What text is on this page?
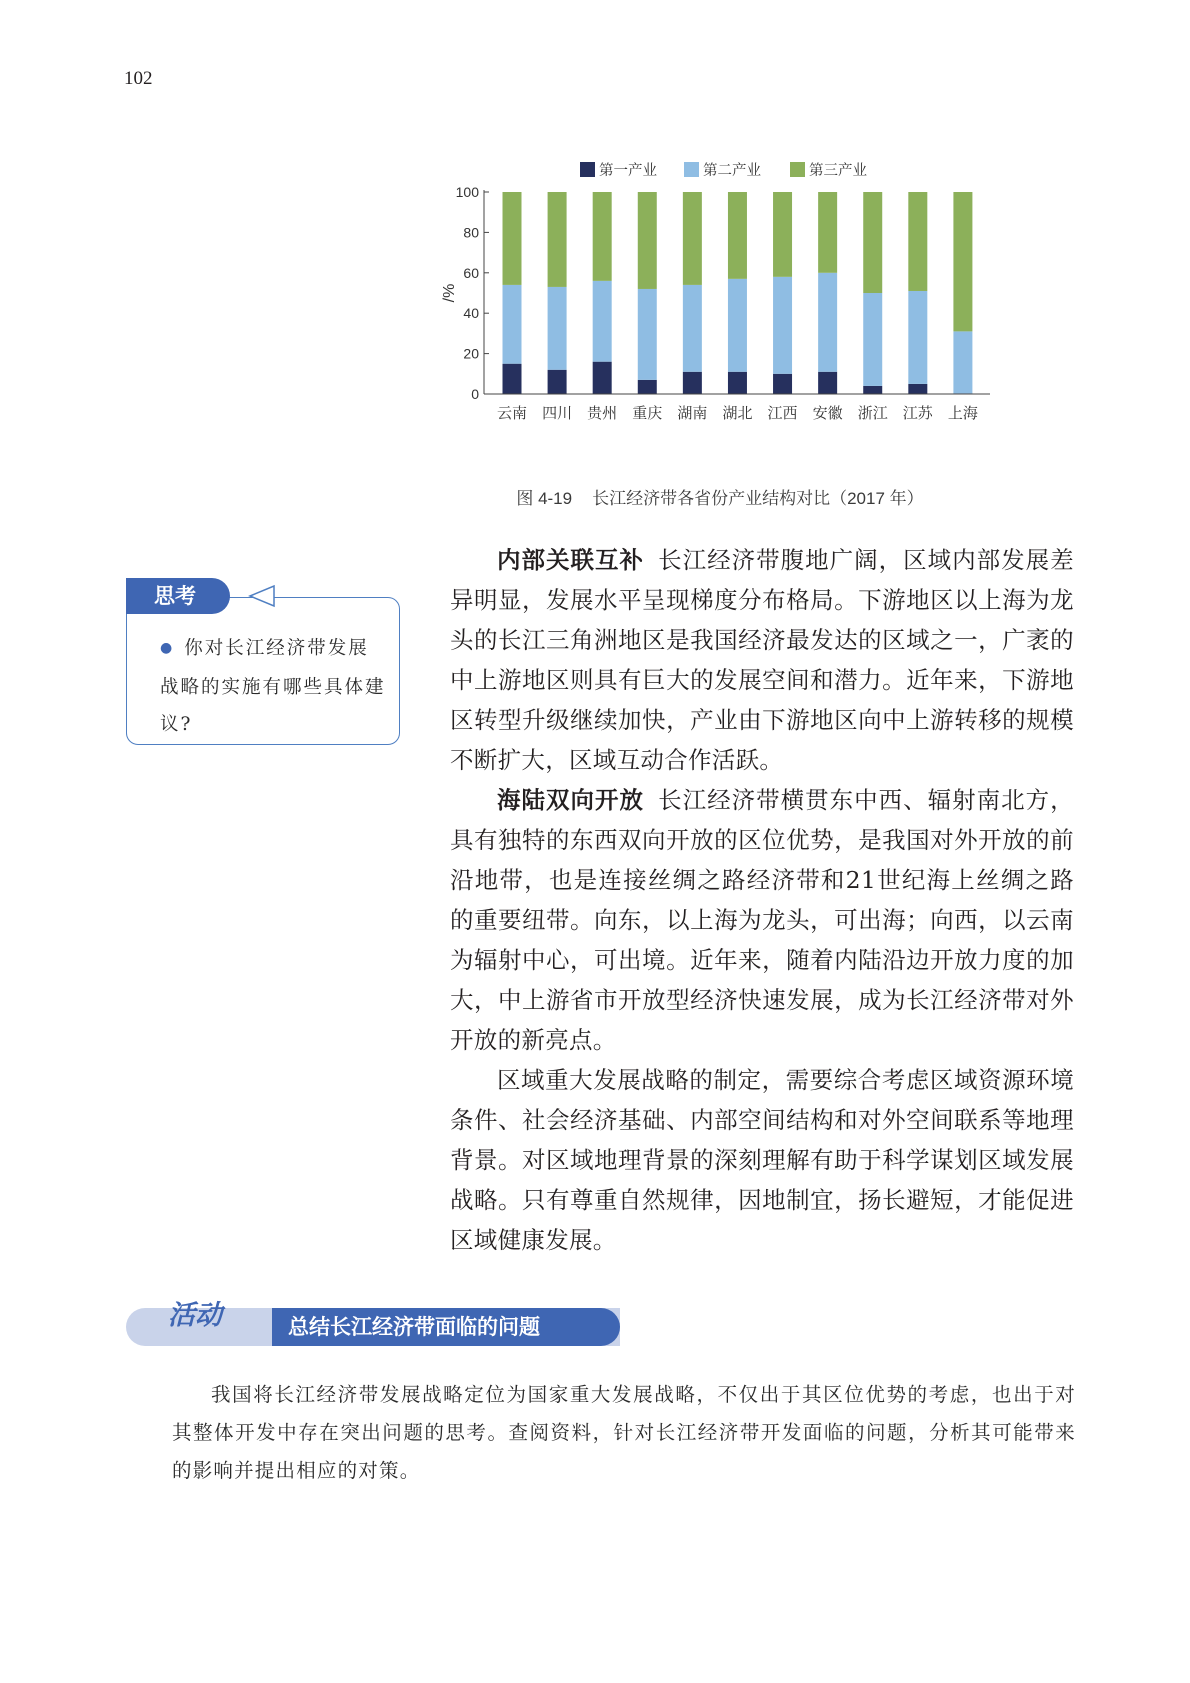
102
第一产业	第二产业	第三产业
0
20
40
60
80
100
/%
云南 四川 贵州 重庆 湖南 湖北 江西 安徽 浙江 江苏 上海
图 4-19 长江经济带各省份产业结构对比（2017 年）
思考
● 你对长江经济带发展战略的实施有哪些具体建议?

内部关联互补 长江经济带腹地广阔，区域内部发展差异明显，发展水平呈现梯度分布格局。下游地区以上海为龙头的长江三角洲地区是我国经济最发达的区域之一，广袤的中上游地区则具有巨大的发展空间和潜力。近年来，下游地区转型升级继续加快，产业由下游地区向中上游转移的规模不断扩大，区域互动合作活跃。

海陆双向开放 长江经济带横贯东中西、辐射南北方，具有独特的东西双向开放的区位优势，是我国对外开放的前沿地带，也是连接丝绸之路经济带和21世纪海上丝绸之路的重要纽带。向东，以上海为龙头，可出海；向西，以云南为辐射中心，可出境。近年来，随着内陆沿边开放力度的加大，中上游省市开放型经济快速发展，成为长江经济带对外开放的新亮点。

区域重大发展战略的制定，需要综合考虑区域资源环境条件、社会经济基础、内部空间结构和对外空间联系等地理背景。对区域地理背景的深刻理解有助于科学谋划区域发展战略。只有尊重自然规律，因地制宜，扬长避短，才能促进区域健康发展。

总结长江经济带面临的问题
活动

我国将长江经济带发展战略定位为国家重大发展战略，不仅出于其区位优势的考虑，也出于对其整体开发中存在突出问题的思考。查阅资料，针对长江经济带开发面临的问题，分析其可能带来的影响并提出相应的对策。
